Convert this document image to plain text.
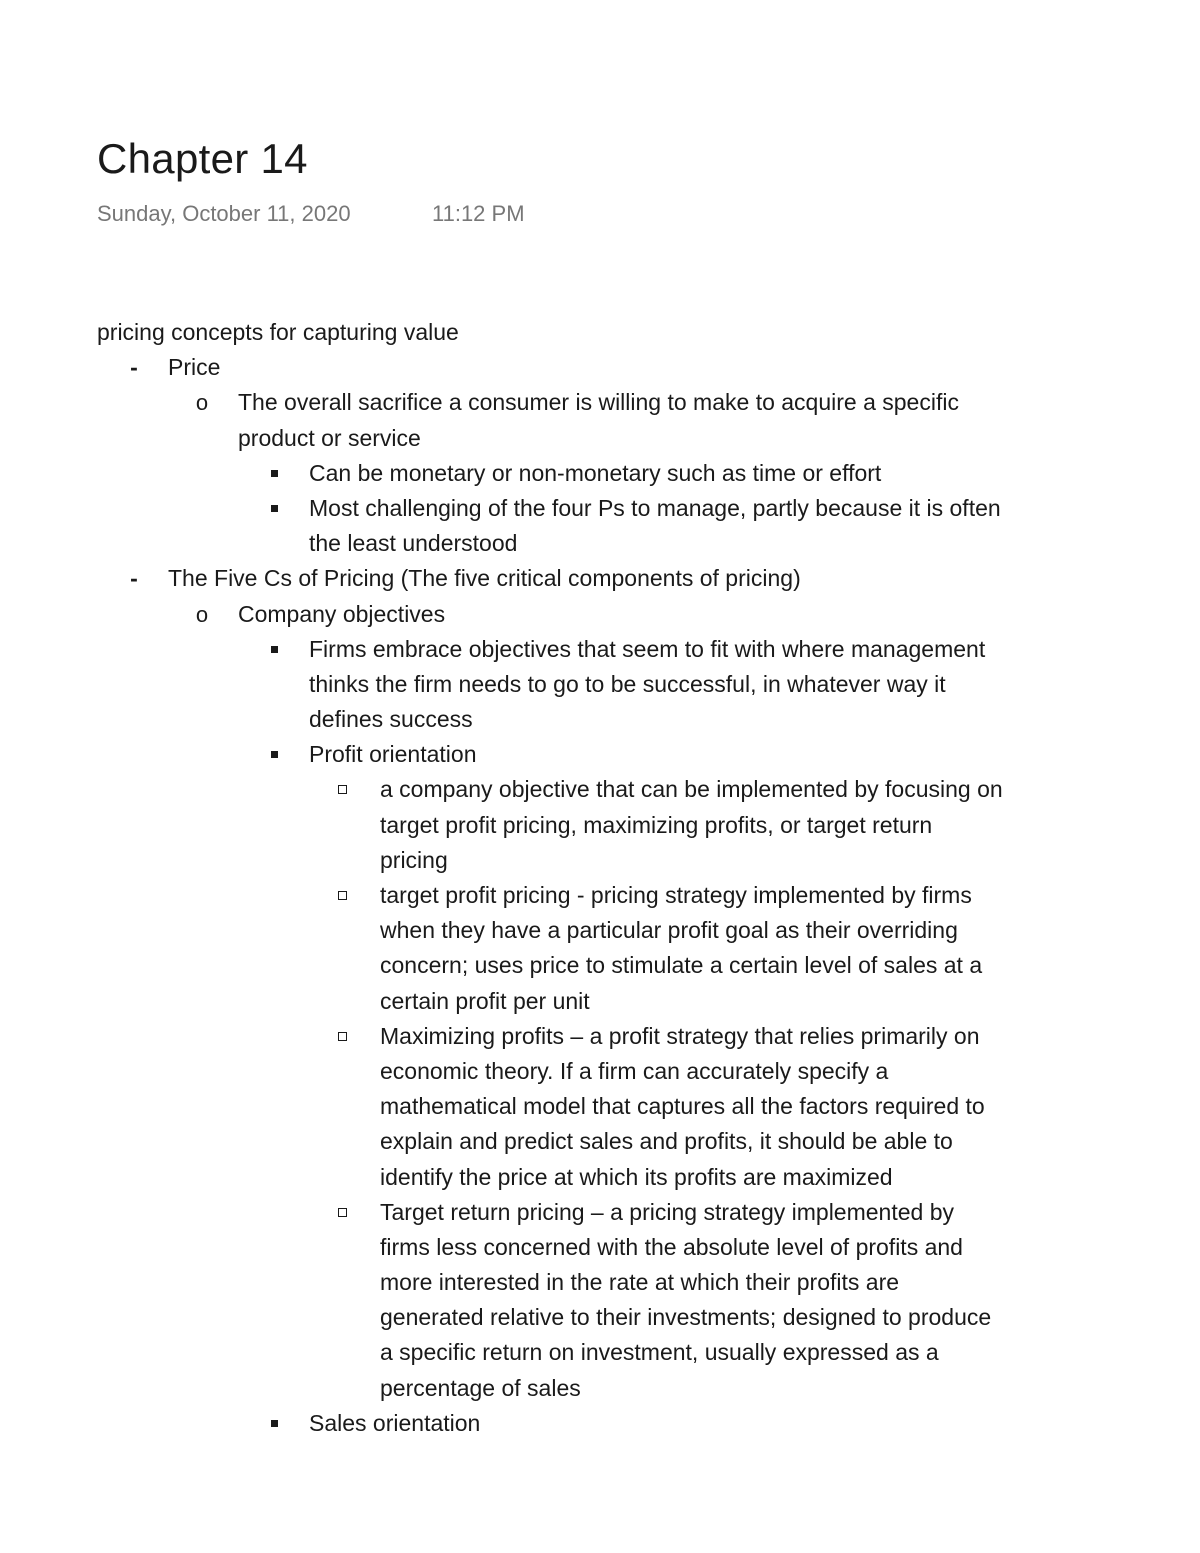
Chapter 14
Sunday, October 11, 2020	11:12 PM
pricing concepts for capturing value
- Price
o The overall sacrifice a consumer is willing to make to acquire a specific
product or service
Can be monetary or non-monetary such as time or effort
Most challenging of the four Ps to manage, partly because it is often
the least understood
- The Five Cs of Pricing (The five critical components of pricing)
o Company objectives
Firms embrace objectives that seem to fit with where management
thinks the firm needs to go to be successful, in whatever way it
defines success
Profit orientation
a company objective that can be implemented by focusing on
target profit pricing, maximizing profits, or target return
pricing
target profit pricing - pricing strategy implemented by firms
when they have a particular profit goal as their overriding
concern; uses price to stimulate a certain level of sales at a
certain profit per unit
Maximizing profits – a profit strategy that relies primarily on
economic theory. If a firm can accurately specify a
mathematical model that captures all the factors required to
explain and predict sales and profits, it should be able to
identify the price at which its profits are maximized
Target return pricing – a pricing strategy implemented by
firms less concerned with the absolute level of profits and
more interested in the rate at which their profits are
generated relative to their investments; designed to produce
a specific return on investment, usually expressed as a
percentage of sales
Sales orientation
